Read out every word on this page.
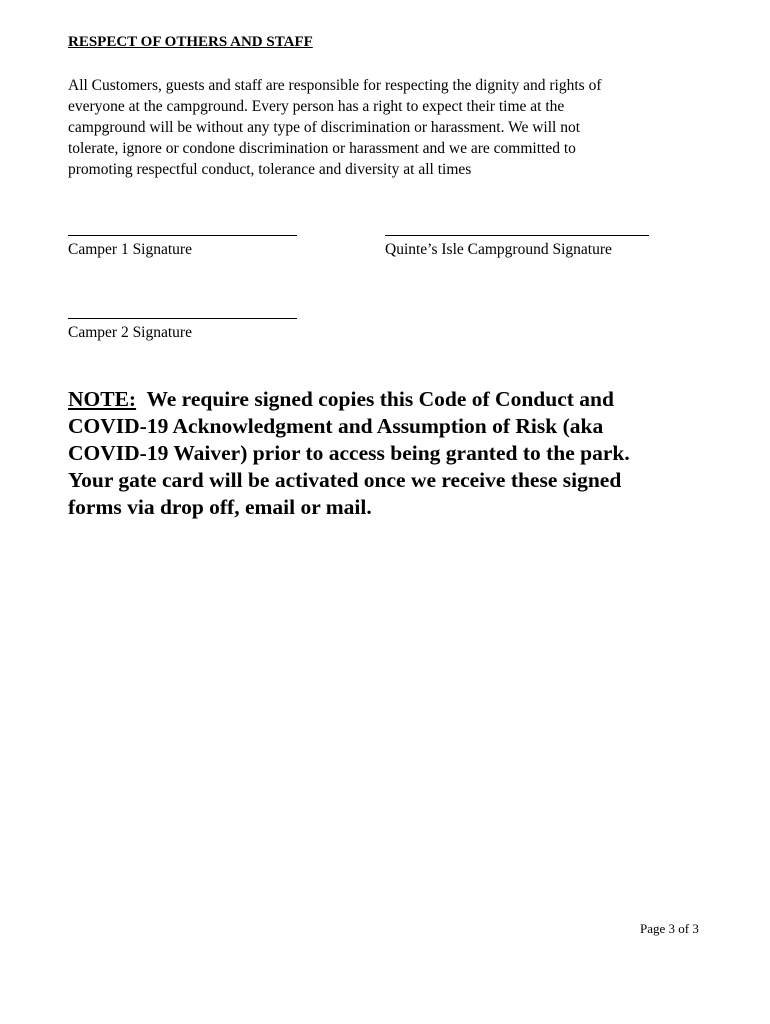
RESPECT OF OTHERS AND STAFF
All Customers, guests and staff are responsible for respecting the dignity and rights of
everyone at the campground. Every person has a right to expect their time at the
campground will be without any type of discrimination or harassment. We will not
tolerate, ignore or condone discrimination or harassment and we are committed to
promoting respectful conduct, tolerance and diversity at all times
Camper 1 Signature	Quinte’s Isle Campground Signature
Camper 2 Signature
NOTE:  We require signed copies this Code of Conduct and
COVID-19 Acknowledgment and Assumption of Risk (aka
COVID-19 Waiver) prior to access being granted to the park.
Your gate card will be activated once we receive these signed
forms via drop off, email or mail.
Page 3 of 3
